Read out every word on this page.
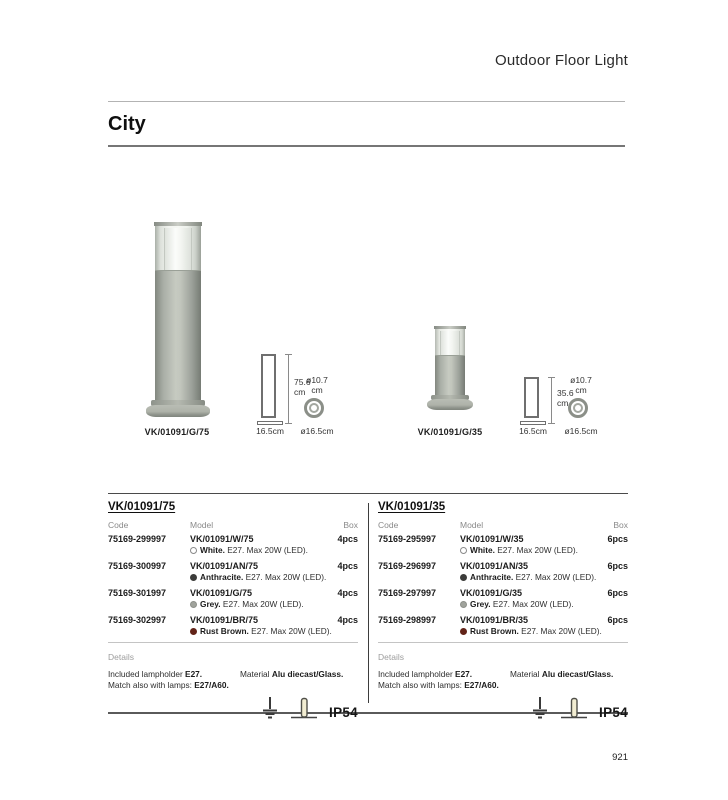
Outdoor Floor Light
City
VK/01091/G/75
75.6
cm
16.5cm
ø10.7
cm
ø16.5cm	VK/01091/G/35
35.6
cm
16.5cm
ø10.7
cm
ø16.5cm
VK/01091/75
Code	Model	Box
75169-299997	VK/01091/W/75
White. E27. Max 20W (LED).
4pcs
75169-300997	VK/01091/AN/75
Anthracite. E27. Max 20W (LED).
4pcs
75169-301997	VK/01091/G/75
Grey. E27. Max 20W (LED).
4pcs
75169-302997	VK/01091/BR/75
Rust Brown. E27. Max 20W (LED).
4pcs
Details
Included lampholder E27.
Match also with lamps: E27/A60.
Material Alu diecast/Glass.
IP54
VK/01091/35
Code	Model	Box
75169-295997	VK/01091/W/35
White. E27. Max 20W (LED).
6pcs
75169-296997	VK/01091/AN/35
Anthracite. E27. Max 20W (LED).
6pcs
75169-297997	VK/01091/G/35
Grey. E27. Max 20W (LED).
6pcs
75169-298997	VK/01091/BR/35
Rust Brown. E27. Max 20W (LED).
6pcs
Details
Included lampholder E27.
Match also with lamps: E27/A60.
Material Alu diecast/Glass.
IP54
921
